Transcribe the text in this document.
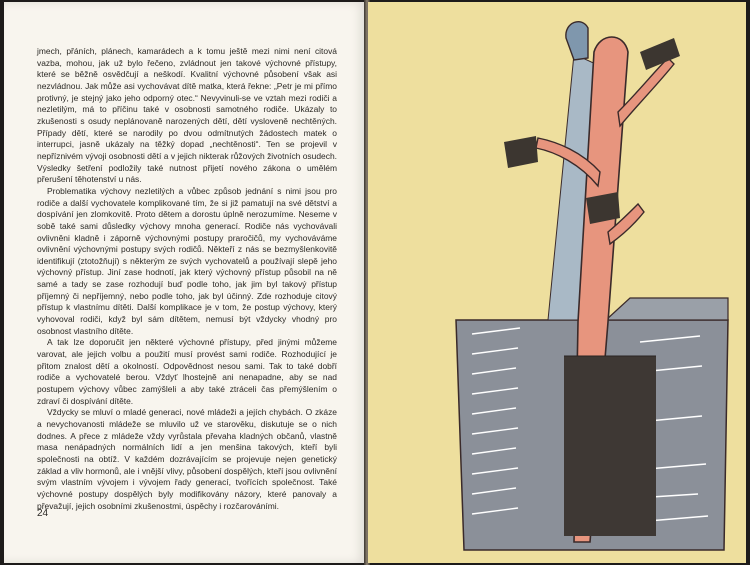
jmech, přáních, plánech, kamarádech a k tomu ještě mezi nimi není citová vazba, mohou, jak už bylo řečeno, zvládnout jen takové výchovné přístupy, které se běžně osvědčují a neškodí. Kvalitní výchovné působení však asi nezvládnou. Jak může asi vychovávat dítě matka, která řekne: „Petr je mi přímo protivný, je stejný jako jeho odporný otec.“ Nevyvinuli-se ve vztah mezi rodiči a nezletilým, má to příčinu také v osobnosti samotného rodiče. Ukázaly to zkušenosti s osudy neplánovaně narozených dětí, dětí vysloveně nechtěných. Případy dětí, které se narodily po dvou odmítnutých žádostech matek o interrupci, jasně ukázaly na těžký dopad „nechtěnosti“. Ten se projevil v nepříznivém vývoji osobnosti dětí a v jejich nikterak růžových životních osudech. Výsledky šetření podložily také nutnost přijetí nového zákona o umělém přerušení těhotenství u nás.

Problematika výchovy nezletilých a vůbec způsob jednání s nimi jsou pro rodiče a další vychovatele komplikované tím, že si již pamatují na své dětství a dospívání jen zlomkovitě. Proto dětem a dorostu úplně nerozumíme. Neseme v sobě také sami důsledky výchovy mnoha generací. Rodiče nás vychovávali ovlivněni kladně i záporně výchovnými postupy praročičů, my vychováváme ovlivnění výchovnými postupy svých rodičů. Někteří z nás se bezmyšlenkovitě identifikují (ztotožňují) s některým ze svých vychovatelů a používají slepě jeho výchovný přístup. Jiní zase hodnotí, jak který výchovný přístup působil na ně samé a tady se zase rozhodují buď podle toho, jak jim byl takový přístup příjemný či nepříjemný, nebo podle toho, jak byl účinný. Zde rozhoduje citový přístup k vlastnímu dítěti. Další komplikace je v tom, že postup výchovy, který vyhovoval rodiči, když byl sám dítětem, nemusí být vždycky vhodný pro osobnost vlastního dítěte.

A tak lze doporučit jen některé výchovné přístupy, před jinými můžeme varovat, ale jejich volbu a použití musí provést sami rodiče. Rozhodující je přitom znalost dětí a okolností. Odpovědnost nesou sami. Tak to také dobří rodiče a vychovatelé berou. Vždyť lhostejně ani nenapadne, aby se nad postupem výchovy vůbec zamýšleli a aby také ztráceli čas přemýšlením o zdraví či dospívání dítěte.

Vždycky se mluví o mladé generaci, nové mládeži a jejích chybách. O zkáze a nevychovanosti mládeže se mluvilo už ve starověku, diskutuje se o nich dodnes. A přece z mládeže vždy vyrůstala převaha kladných občanů, vlastně masa nenápadných normálních lidí a jen menšina takových, kteří byli společnosti na obtíž. V každém dozrávajícím se projevuje nejen genetický základ a vliv hormonů, ale i vnější vlivy, působení dospělých, kteří jsou ovlivnění svým vlastním vývojem i vývojem řady generací, tvořících společnost. Také výchovné postupy dospělých byly modifikovány názory, které panovaly a převažují, jejich osobními zkušenostmi, úspěchy i rozčarováními.

24
